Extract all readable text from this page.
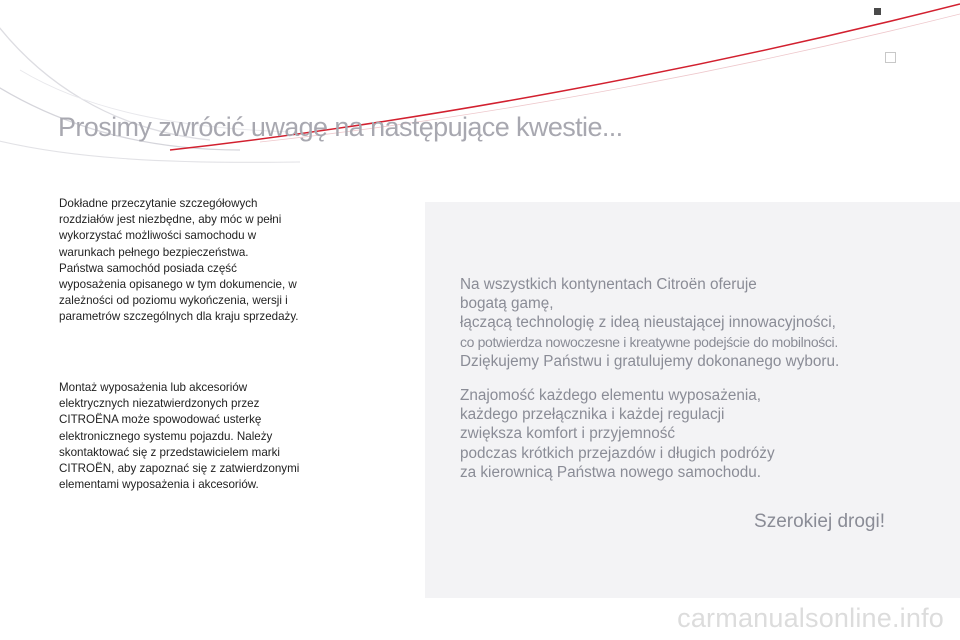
Prosimy zwrócić uwagę na następujące kwestie...

Dokładne przeczytanie szczegółowych

rozdziałów jest niezbędne, aby móc w pełni

wykorzystać możliwości samochodu w

warunkach pełnego bezpieczeństwa.

Państwa samochód posiada część

wyposażenia opisanego w tym dokumencie, w

zależności od poziomu wykończenia, wersji i

parametrów szczególnych dla kraju sprzedaży.

Montaż wyposażenia lub akcesoriów

elektrycznych niezatwierdzonych przez

CITROËNA może spowodować usterkę

elektronicznego systemu pojazdu. Należy

skontaktować się z przedstawicielem marki

CITROËN, aby zapoznać się z zatwierdzonymi

elementami wyposażenia i akcesoriów.

Na wszystkich kontynentach Citroën oferuje

bogatą gamę,

łączącą technologię z ideą nieustającej innowacyjności,

co potwierdza nowoczesne i kreatywne podejście do mobilności.

Dziękujemy Państwu i gratulujemy dokonanego wyboru.

Znajomość każdego elementu wyposażenia,

każdego przełącznika i każdej regulacji

zwiększa komfort i przyjemność

podczas krótkich przejazdów i długich podróży

za kierownicą Państwa nowego samochodu.

Szerokiej drogi!

carmanualsonline.info
